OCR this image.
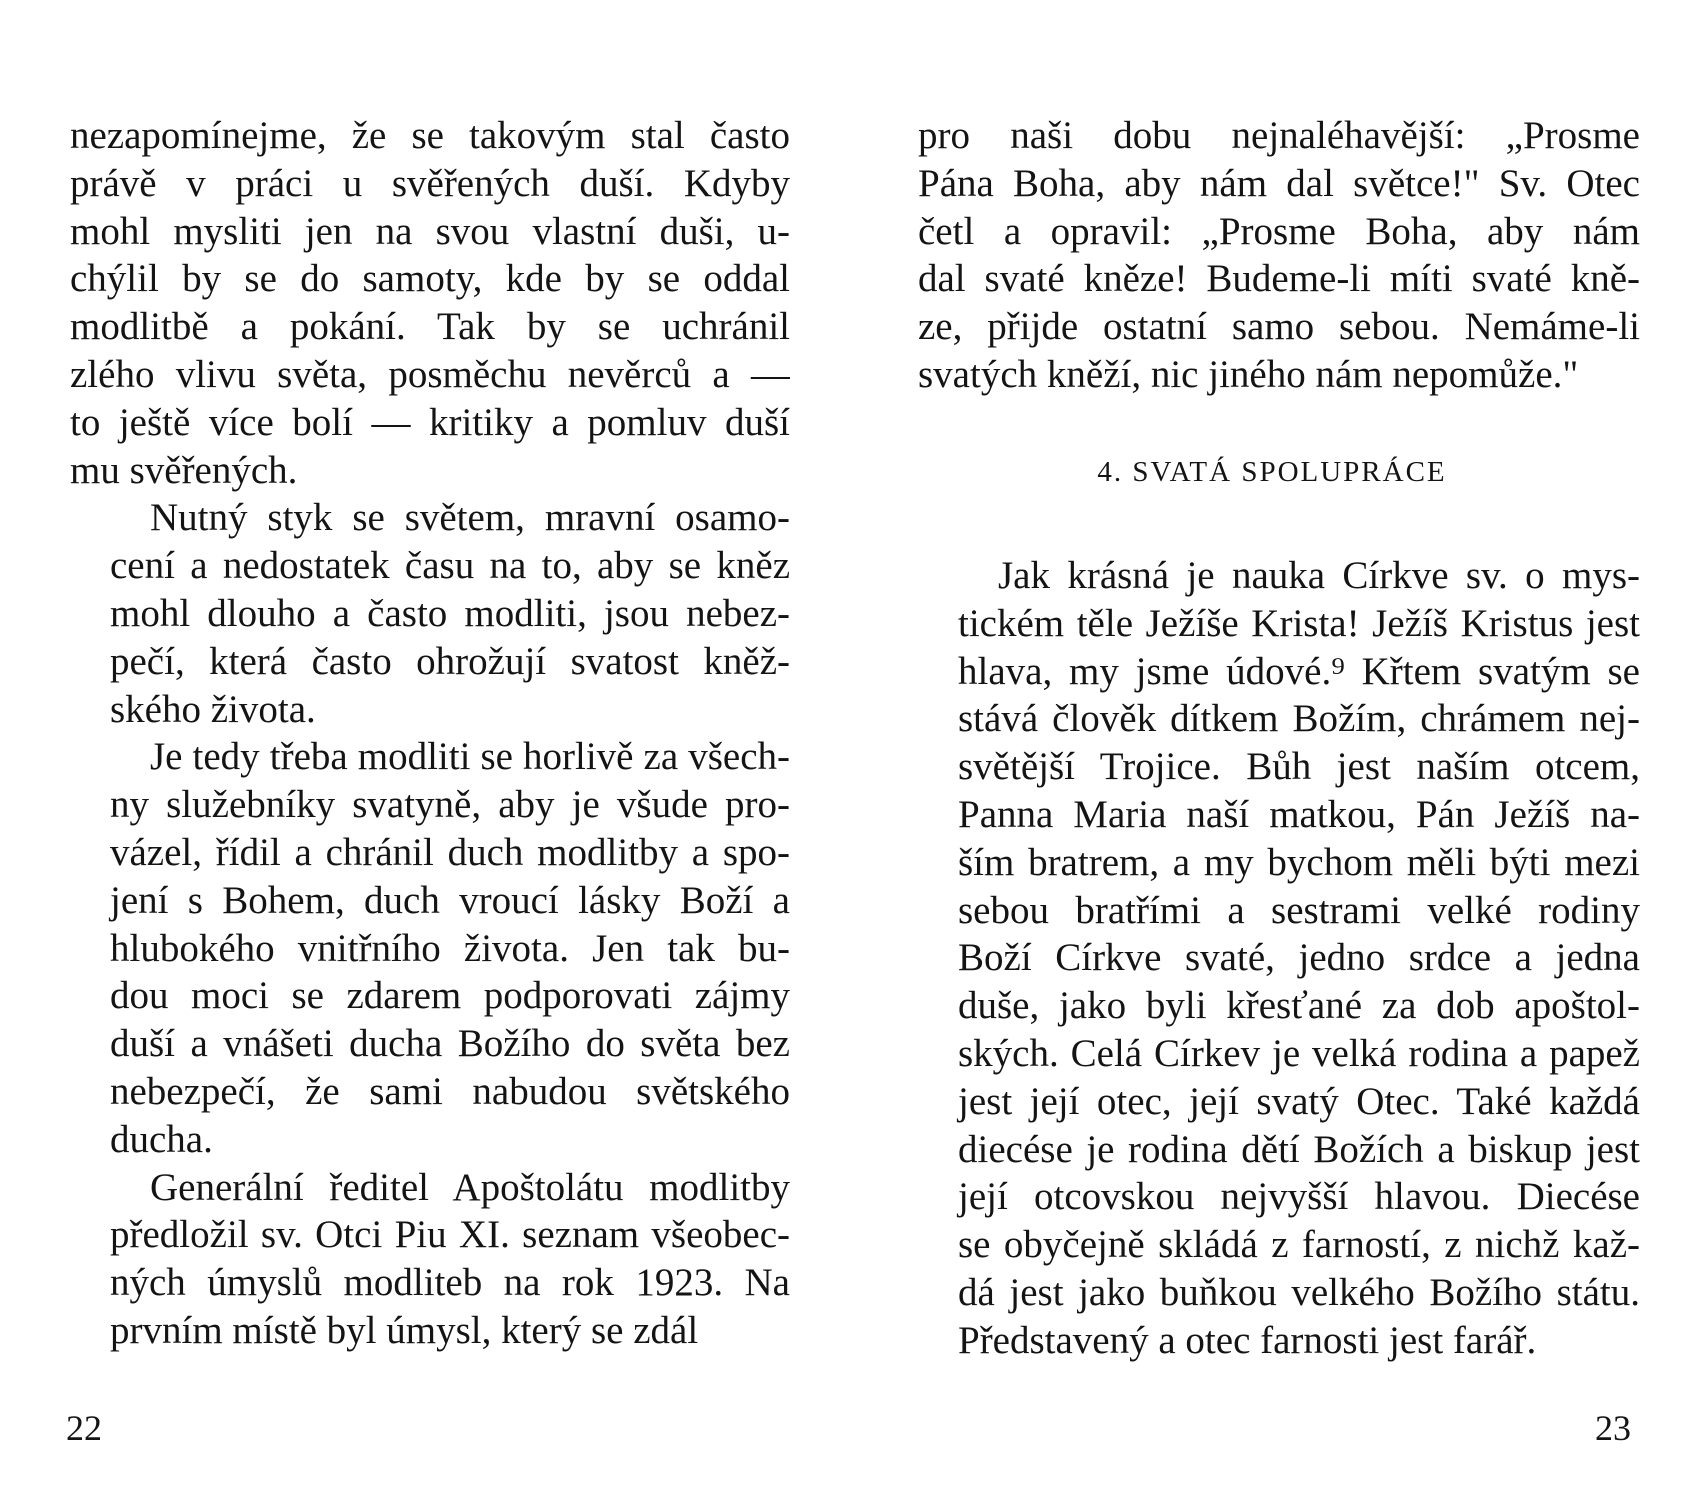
nezapomínejme, že se takovým stal často
právě v práci u svěřených duší. Kdyby
mohl mysliti jen na svou vlastní duši, u-
chýlil by se do samoty, kde by se oddal
modlitbě a pokání. Tak by se uchránil
zlého vlivu světa, posměchu nevěrců a —
to ještě více bolí — kritiky a pomluv duší
mu svěřených.
Nutný styk se světem, mravní osamo-
cení a nedostatek času na to, aby se kněz
mohl dlouho a často modliti, jsou nebez-
pečí, která často ohrožují svatost kněž-
ského života.
Je tedy třeba modliti se horlivě za všech-
ny služebníky svatyně, aby je všude pro-
vázel, řídil a chránil duch modlitby a spo-
jení s Bohem, duch vroucí lásky Boží a
hlubokého vnitřního života. Jen tak bu-
dou moci se zdarem podporovati zájmy
duší a vnášeti ducha Božího do světa bez
nebezpečí, že sami nabudou světského
ducha.
Generální ředitel Apoštolátu modlitby
předložil sv. Otci Piu XI. seznam všeobec-
ných úmyslů modliteb na rok 1923. Na
prvním místě byl úmysl, který se zdál
22
pro naši dobu nejnaléhavější: „Prosme
Pána Boha, aby nám dal světce!" Sv. Otec
četl a opravil: „Prosme Boha, aby nám
dal svaté kněze! Budeme-li míti svaté kně-
ze, přijde ostatní samo sebou. Nemáme-li
svatých kněží, nic jiného nám nepomůže."
4. SVATÁ SPOLUPRÁCE
Jak krásná je nauka Církve sv. o mys-
tickém těle Ježíše Krista! Ježíš Kristus jest
hlava, my jsme údové.⁹ Křtem svatým se
stává člověk dítkem Božím, chrámem nej-
světější Trojice. Bůh jest naším otcem,
Panna Maria naší matkou, Pán Ježíš na-
ším bratrem, a my bychom měli býti mezi
sebou bratřími a sestrami velké rodiny
Boží Církve svaté, jedno srdce a jedna
duše, jako byli křesťané za dob apoštol-
ských. Celá Církev je velká rodina a papež
jest její otec, její svatý Otec. Také každá
diecése je rodina dětí Božích a biskup jest
její otcovskou nejvyšší hlavou. Diecése
se obyčejně skládá z farností, z nichž kaž-
dá jest jako buňkou velkého Božího státu.
Představený a otec farnosti jest farář.
23
